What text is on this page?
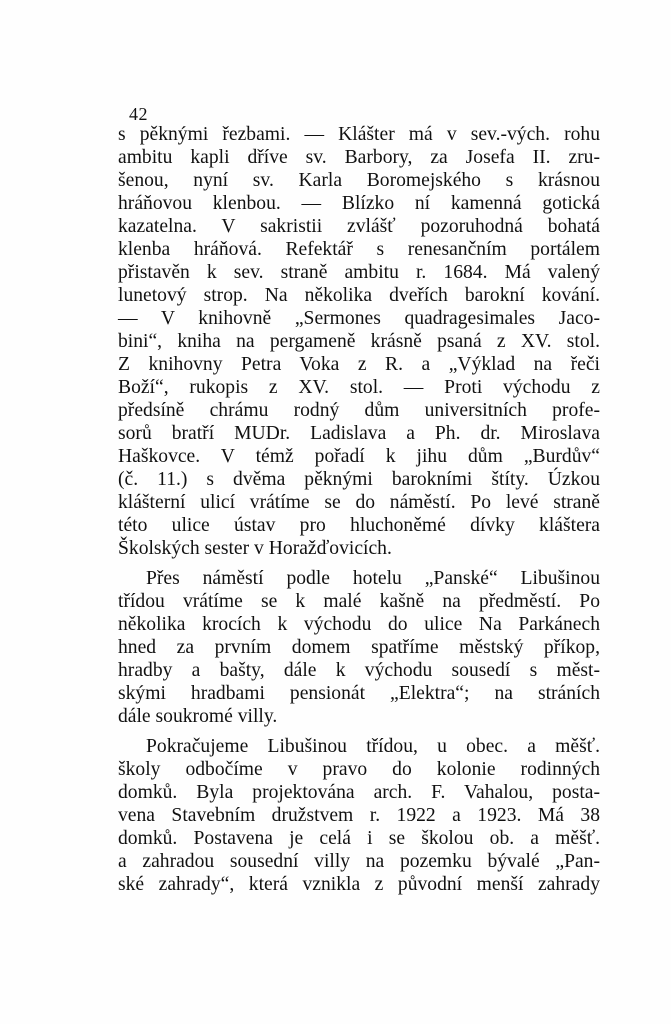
42
s pěknými řezbami. — Klášter má v sev.-vých. rohu
ambitu kapli dříve sv. Barbory, za Josefa II. zru-
šenou, nyní sv. Karla Boromejského s krásnou
hráňovou klenbou. — Blízko ní kamenná gotická
kazatelna. V sakristii zvlášť pozoruhodná bohatá
klenba hráňová. Refektář s renesančním portálem
přistavěn k sev. straně ambitu r. 1684. Má valený
lunetový strop. Na několika dveřích barokní kování.
— V knihovně „Sermones quadragesimales Jaco-
bini“, kniha na pergameně krásně psaná z XV. stol.
Z knihovny Petra Voka z R. a „Výklad na řeči
Boží“, rukopis z XV. stol. — Proti východu z
předsíně chrámu rodný dům universitních profe-
sorů bratří MUDr. Ladislava a Ph. dr. Miroslava
Haškovce. V témž pořadí k jihu dům „Burdův“
(č. 11.) s dvěma pěknými barokními štíty. Úzkou
klášterní ulicí vrátíme se do náměstí. Po levé straně
této ulice ústav pro hluchoněmé dívky kláštera
Školských sester v Horažďovicích.
Přes náměstí podle hotelu „Panské“ Libušinou
třídou vrátíme se k malé kašně na předměstí. Po
několika krocích k východu do ulice Na Parkánech
hned za prvním domem spatříme městský příkop,
hradby a bašty, dále k východu sousedí s měst-
skými hradbami pensionát „Elektra“; na stráních
dále soukromé villy.
Pokračujeme Libušinou třídou, u obec. a měšť.
školy odbočíme v pravo do kolonie rodinných
domků. Byla projektována arch. F. Vahalou, posta-
vena Stavebním družstvem r. 1922 a 1923. Má 38
domků. Postavena je celá i se školou ob. a měšť.
a zahradou sousední villy na pozemku bývalé „Pan-
ské zahrady“, která vznikla z původní menší zahrady
